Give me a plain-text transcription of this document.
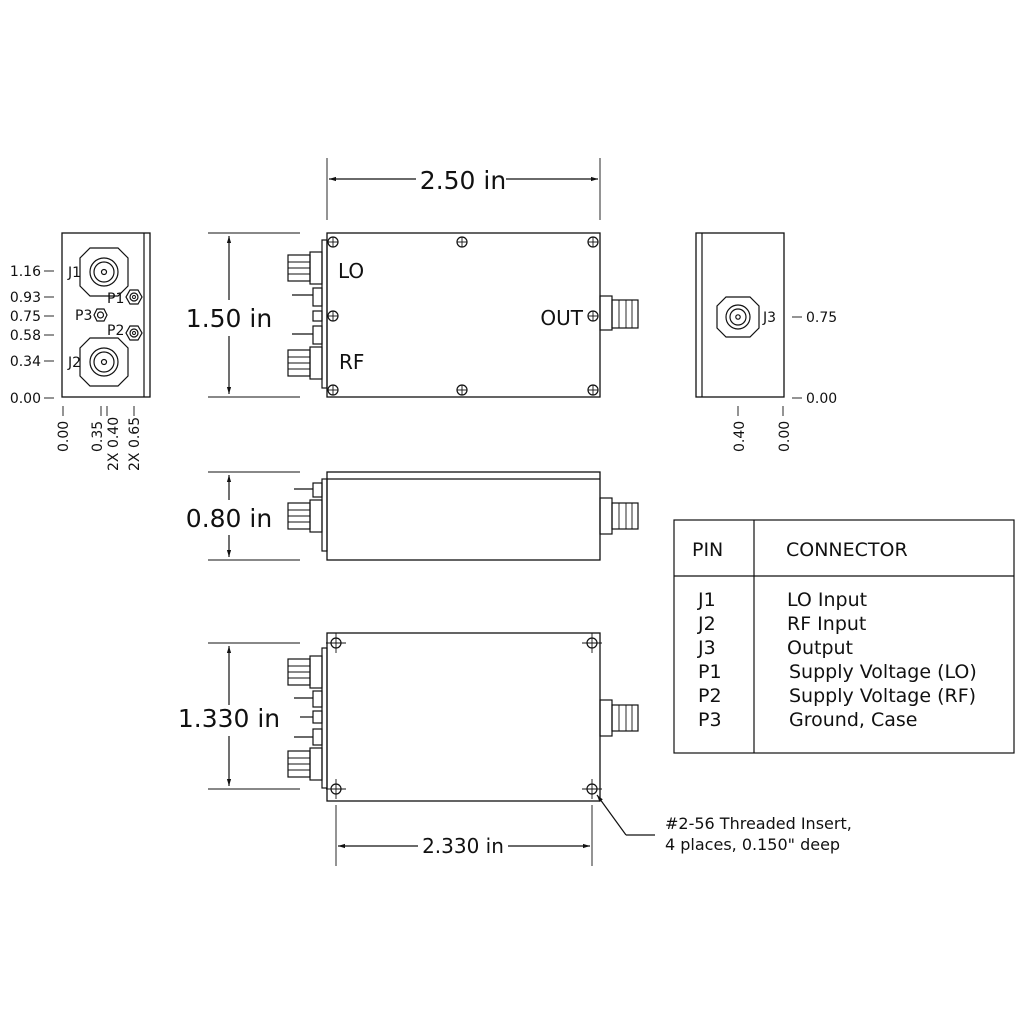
2.50 in
1.50 in
LO
RF
OUT
J1
J2
P1
P2
P3
1.16
0.93
0.75
0.58
0.34
0.00
0.00 0.35 2X 0.40 2X 0.65
J3 0.75
0.00
0.40 0.00
0.80 in
1.330 in
2.330 in
#2-56 Threaded Insert,
4 places, 0.150" deep
PIN	CONNECTOR
J1	LO Input
J2	RF Input
J3	Output
P1	Supply Voltage (LO)
P2	Supply Voltage (RF)
P3	Ground, Case
